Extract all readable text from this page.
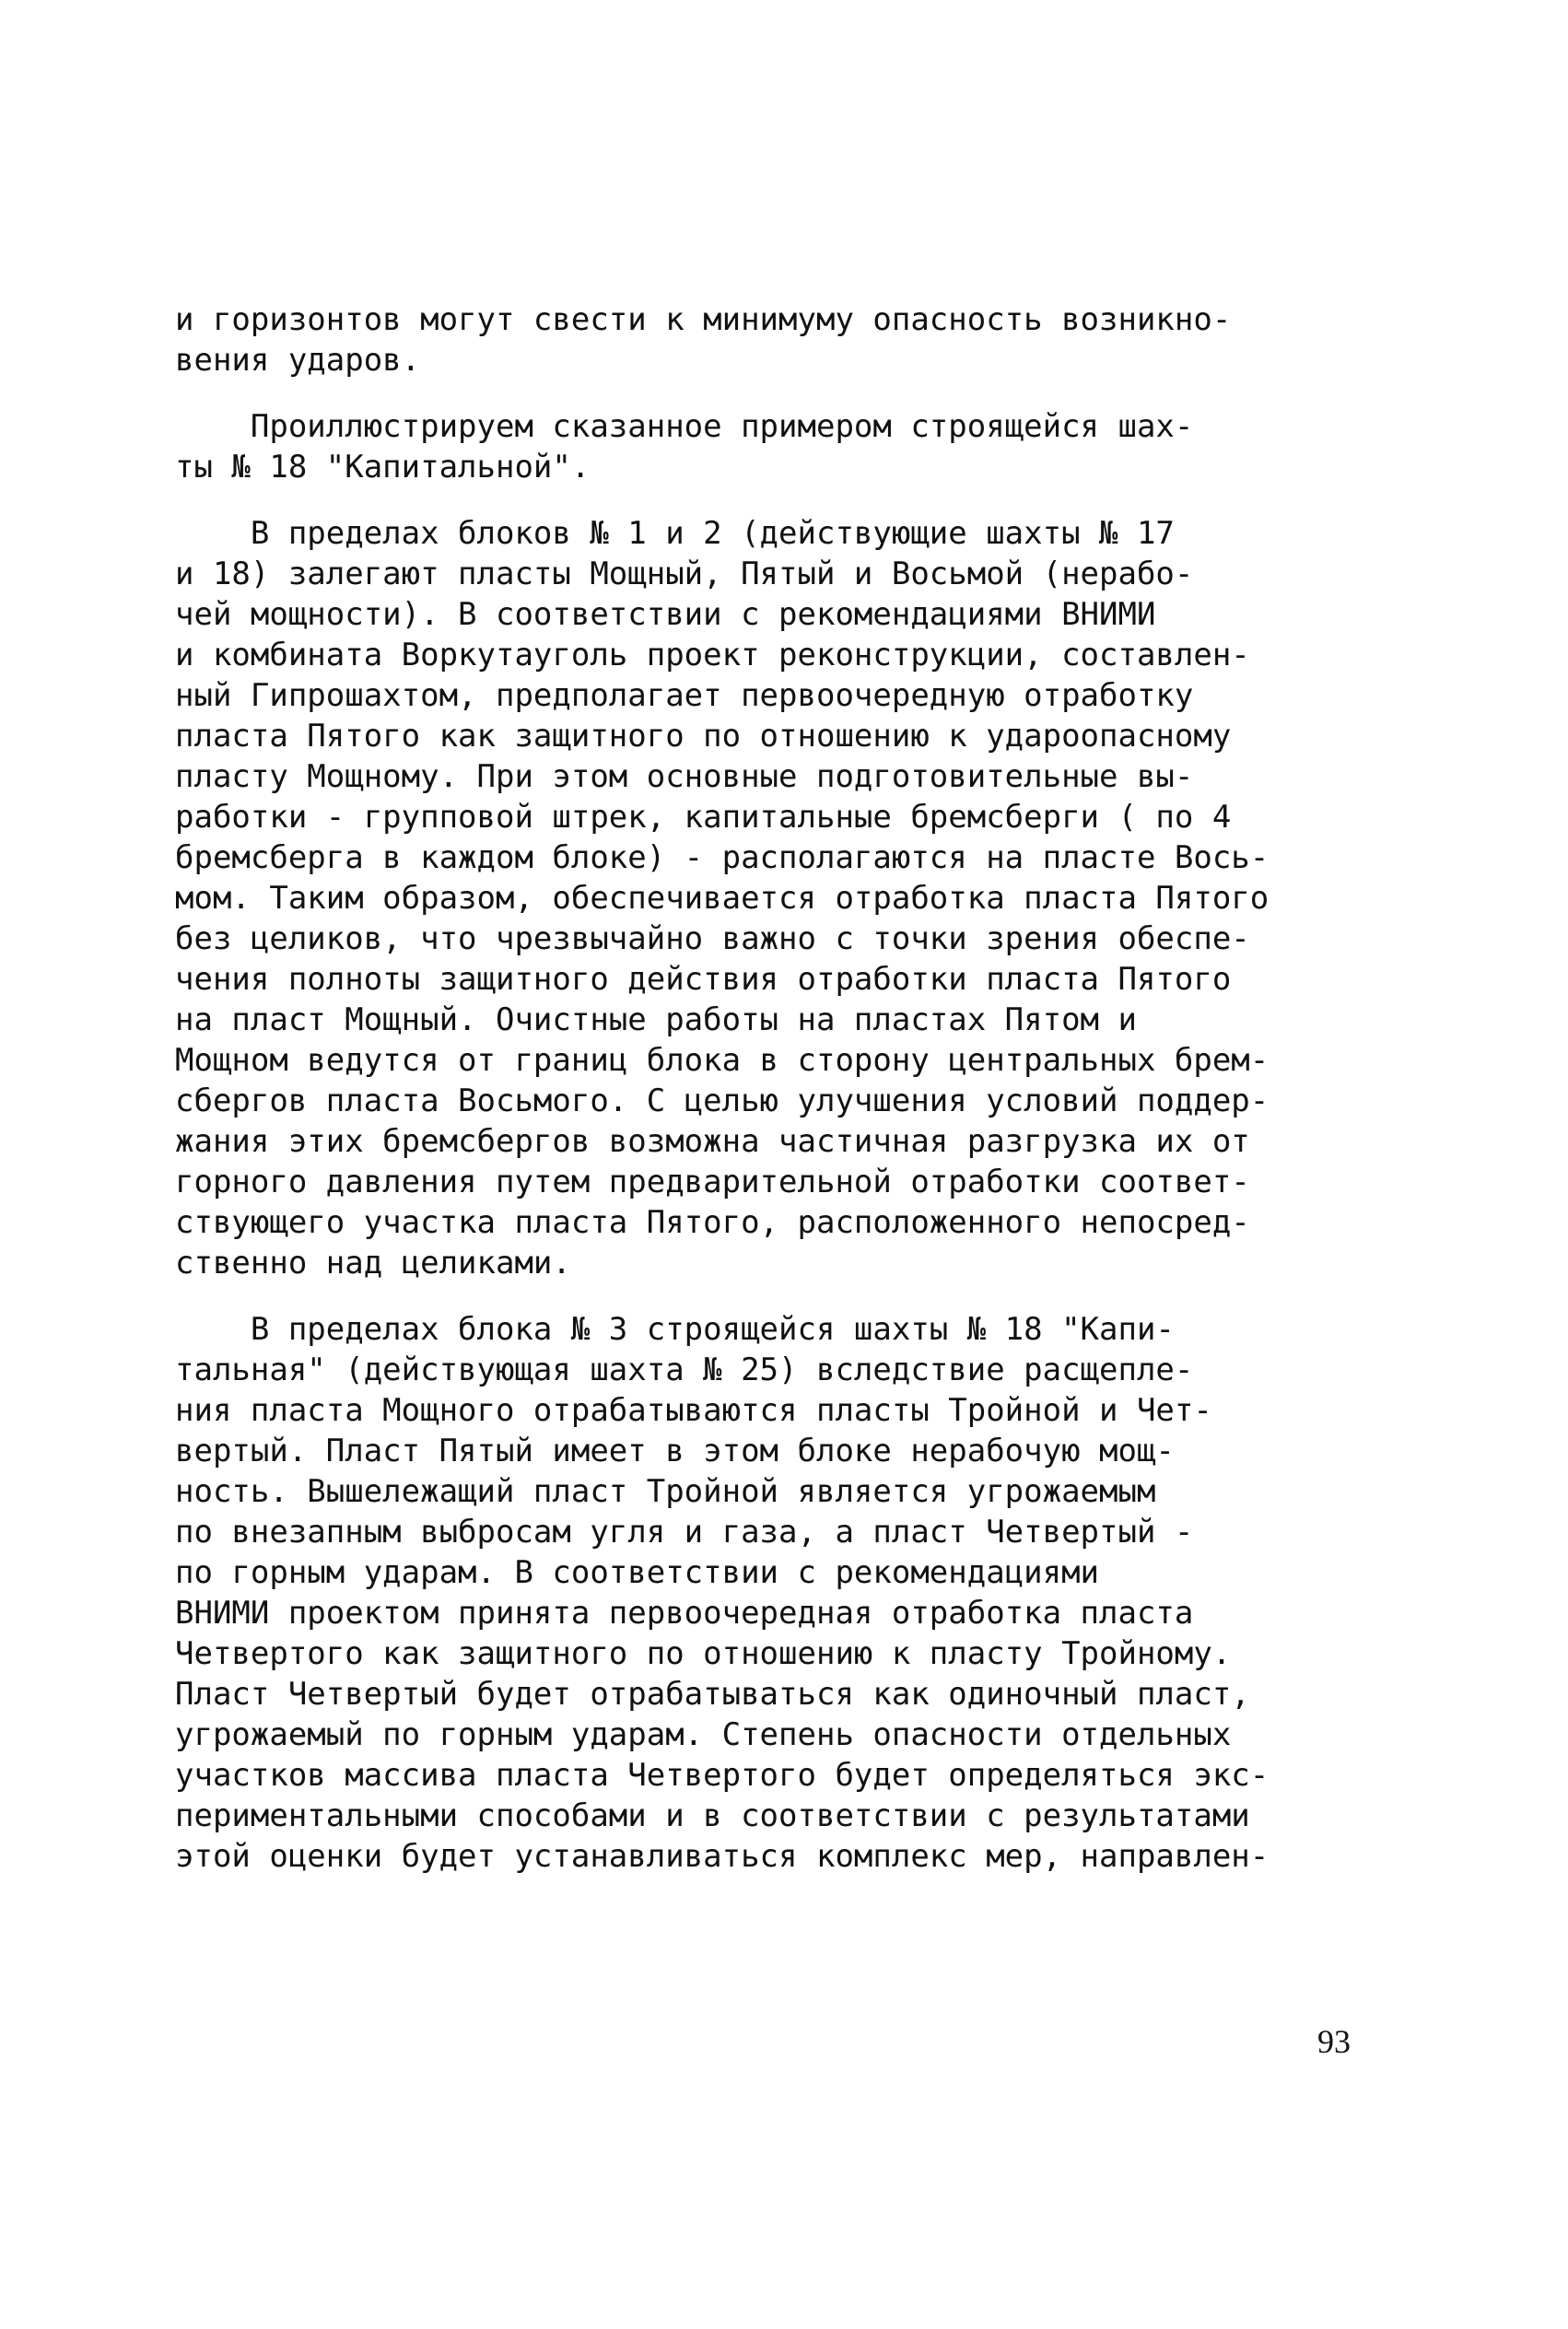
и горизонтов могут свести к минимуму опасность возникно-
вения ударов.
Проиллюстрируем сказанное примером строящейся шах-
ты № 18 "Капитальной".
В пределах блоков № 1 и 2 (действующие шахты № 17
и 18) залегают пласты Мощный, Пятый и Восьмой (нерабо-
чей мощности). В соответствии с рекомендациями ВНИМИ
и комбината Воркутауголь проект реконструкции, составлен-
ный Гипрошахтом, предполагает первоочередную отработку
пласта Пятого как защитного по отношению к удароопасному
пласту Мощному. При этом основные подготовительные вы-
работки - групповой штрек, капитальные бремсберги ( по 4
бремсберга в каждом блоке) - располагаются на пласте Вось-
мом. Таким образом, обеспечивается отработка пласта Пятого
без целиков, что чрезвычайно важно с точки зрения обеспе-
чения полноты защитного действия отработки пласта Пятого
на пласт Мощный. Очистные работы на пластах Пятом и
Мощном ведутся от границ блока в сторону центральных брем-
сбергов пласта Восьмого. С целью улучшения условий поддер-
жания этих бремсбергов возможна частичная разгрузка их от
горного давления путем предварительной отработки соответ-
ствующего участка пласта Пятого, расположенного непосред-
ственно над целиками.
В пределах блока № 3 строящейся шахты № 18 "Капи-
тальная" (действующая шахта № 25) вследствие расщепле-
ния пласта Мощного отрабатываются пласты Тройной и Чет-
вертый. Пласт Пятый имеет в этом блоке нерабочую мощ-
ность. Вышележащий пласт Тройной является угрожаемым
по внезапным выбросам угля и газа, а пласт Четвертый -
по горным ударам. В соответствии с рекомендациями
ВНИМИ проектом принята первоочередная отработка пласта
Четвертого как защитного по отношению к пласту Тройному.
Пласт Четвертый будет отрабатываться как одиночный пласт,
угрожаемый по горным ударам. Степень опасности отдельных
участков массива пласта Четвертого будет определяться экс-
периментальными способами и в соответствии с результатами
этой оценки будет устанавливаться комплекс мер, направлен-
93
